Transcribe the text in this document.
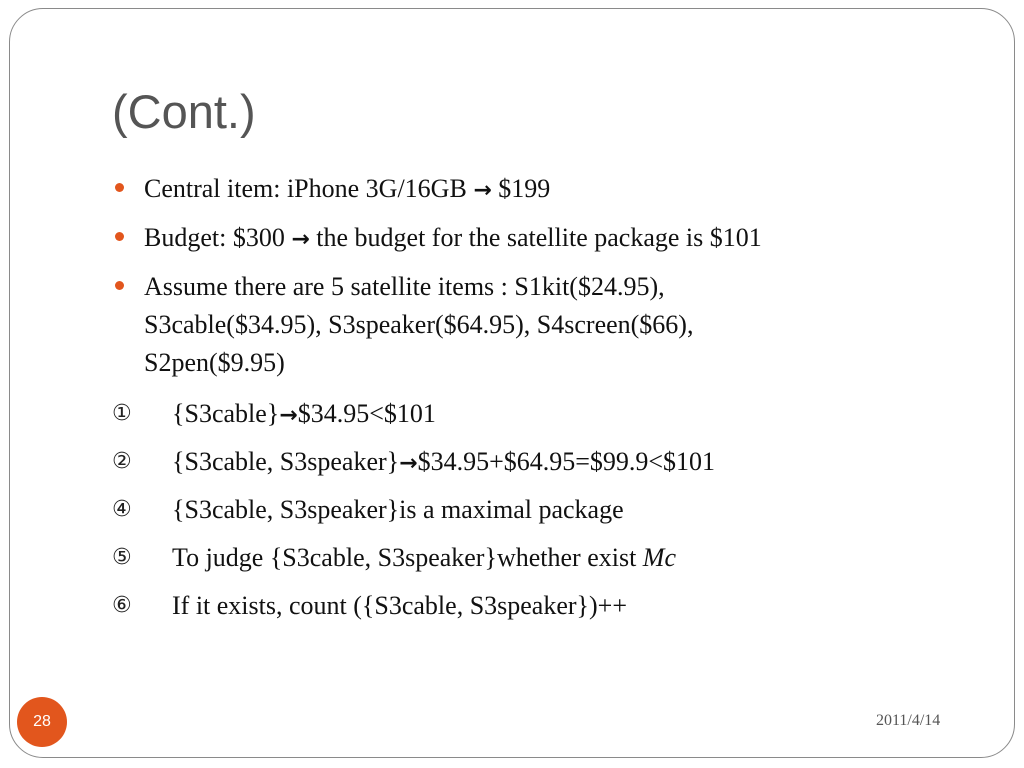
(Cont.)
Central item: iPhone 3G/16GB → $199
Budget: $300 → the budget for the satellite package is $101
Assume there are 5 satellite items : S1kit($24.95),
S3cable($34.95), S3speaker($64.95), S4screen($66),
S2pen($9.95)
① {S3cable}→$34.95<$101
② {S3cable, S3speaker}→$34.95+$64.95=$99.9<$101
④ {S3cable, S3speaker}is a maximal package
⑤ To judge {S3cable, S3speaker}whether exist Mc
⑥ If it exists, count ({S3cable, S3speaker})++
28	2011/4/14
